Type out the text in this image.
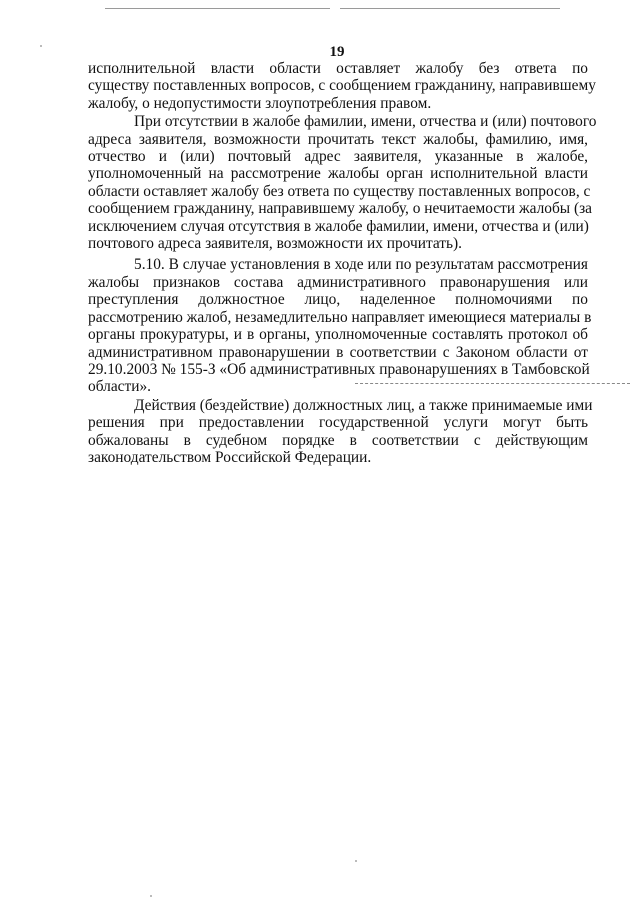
19
исполнительной власти области оставляет жалобу без ответа по
существу поставленных вопросов, с сообщением гражданину, направившему
жалобу, о недопустимости злоупотребления правом.
При отсутствии в жалобе фамилии, имени, отчества и (или) почтового
адреса заявителя, возможности прочитать текст жалобы, фамилию, имя,
отчество и (или) почтовый адрес заявителя, указанные в жалобе,
уполномоченный на рассмотрение жалобы орган исполнительной власти
области оставляет жалобу без ответа по существу поставленных вопросов, с
сообщением гражданину, направившему жалобу, о нечитаемости жалобы (за
исключением случая отсутствия в жалобе фамилии, имени, отчества и (или)
почтового адреса заявителя, возможности их прочитать).
5.10. В случае установления в ходе или по результатам рассмотрения
жалобы признаков состава административного правонарушения или
преступления должностное лицо, наделенное полномочиями по
рассмотрению жалоб, незамедлительно направляет имеющиеся материалы в
органы прокуратуры, и в органы, уполномоченные составлять протокол об
административном правонарушении в соответствии с Законом области от
29.10.2003 № 155-З «Об административных правонарушениях в Тамбовской
области».
Действия (бездействие) должностных лиц, а также принимаемые ими
решения при предоставлении государственной услуги могут быть
обжалованы в судебном порядке в соответствии с действующим
законодательством Российской Федерации.
